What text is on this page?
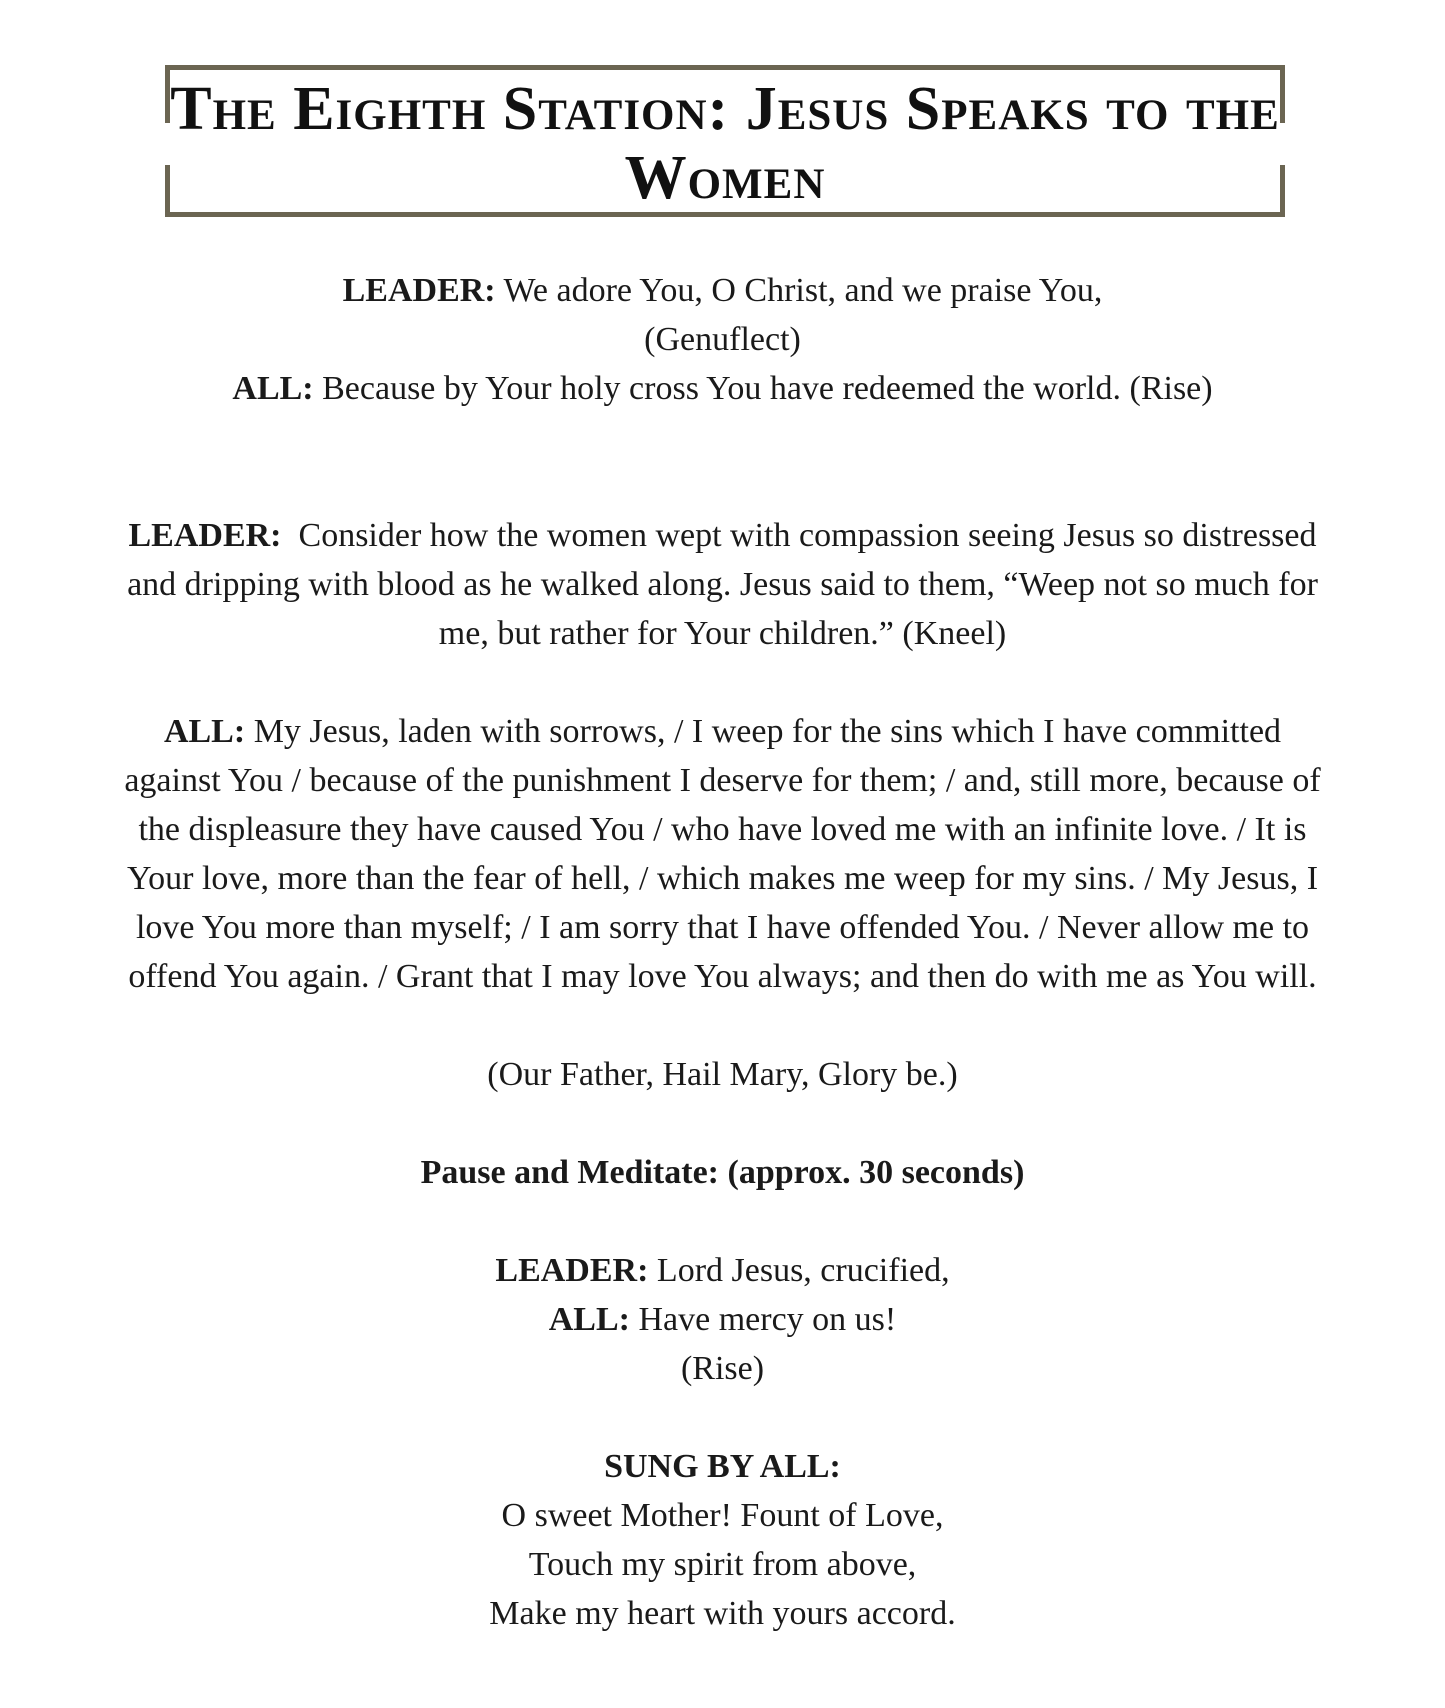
The Eighth Station: Jesus Speaks to the Women

LEADER: We adore You, O Christ, and we praise You,
(Genuflect)
ALL: Because by Your holy cross You have redeemed the world. (Rise)

LEADER: Consider how the women wept with compassion seeing Jesus so distressed
and dripping with blood as he walked along. Jesus said to them, “Weep not so much for
me, but rather for Your children.” (Kneel)

ALL: My Jesus, laden with sorrows, / I weep for the sins which I have committed
against You / because of the punishment I deserve for them; / and, still more, because of
the displeasure they have caused You / who have loved me with an infinite love. / It is
Your love, more than the fear of hell, / which makes me weep for my sins. / My Jesus, I
love You more than myself; / I am sorry that I have offended You. / Never allow me to
offend You again. / Grant that I may love You always; and then do with me as You will.

(Our Father, Hail Mary, Glory be.)

Pause and Meditate: (approx. 30 seconds)

LEADER: Lord Jesus, crucified,
ALL: Have mercy on us!
(Rise)

SUNG BY ALL:
O sweet Mother! Fount of Love,
Touch my spirit from above,
Make my heart with yours accord.
